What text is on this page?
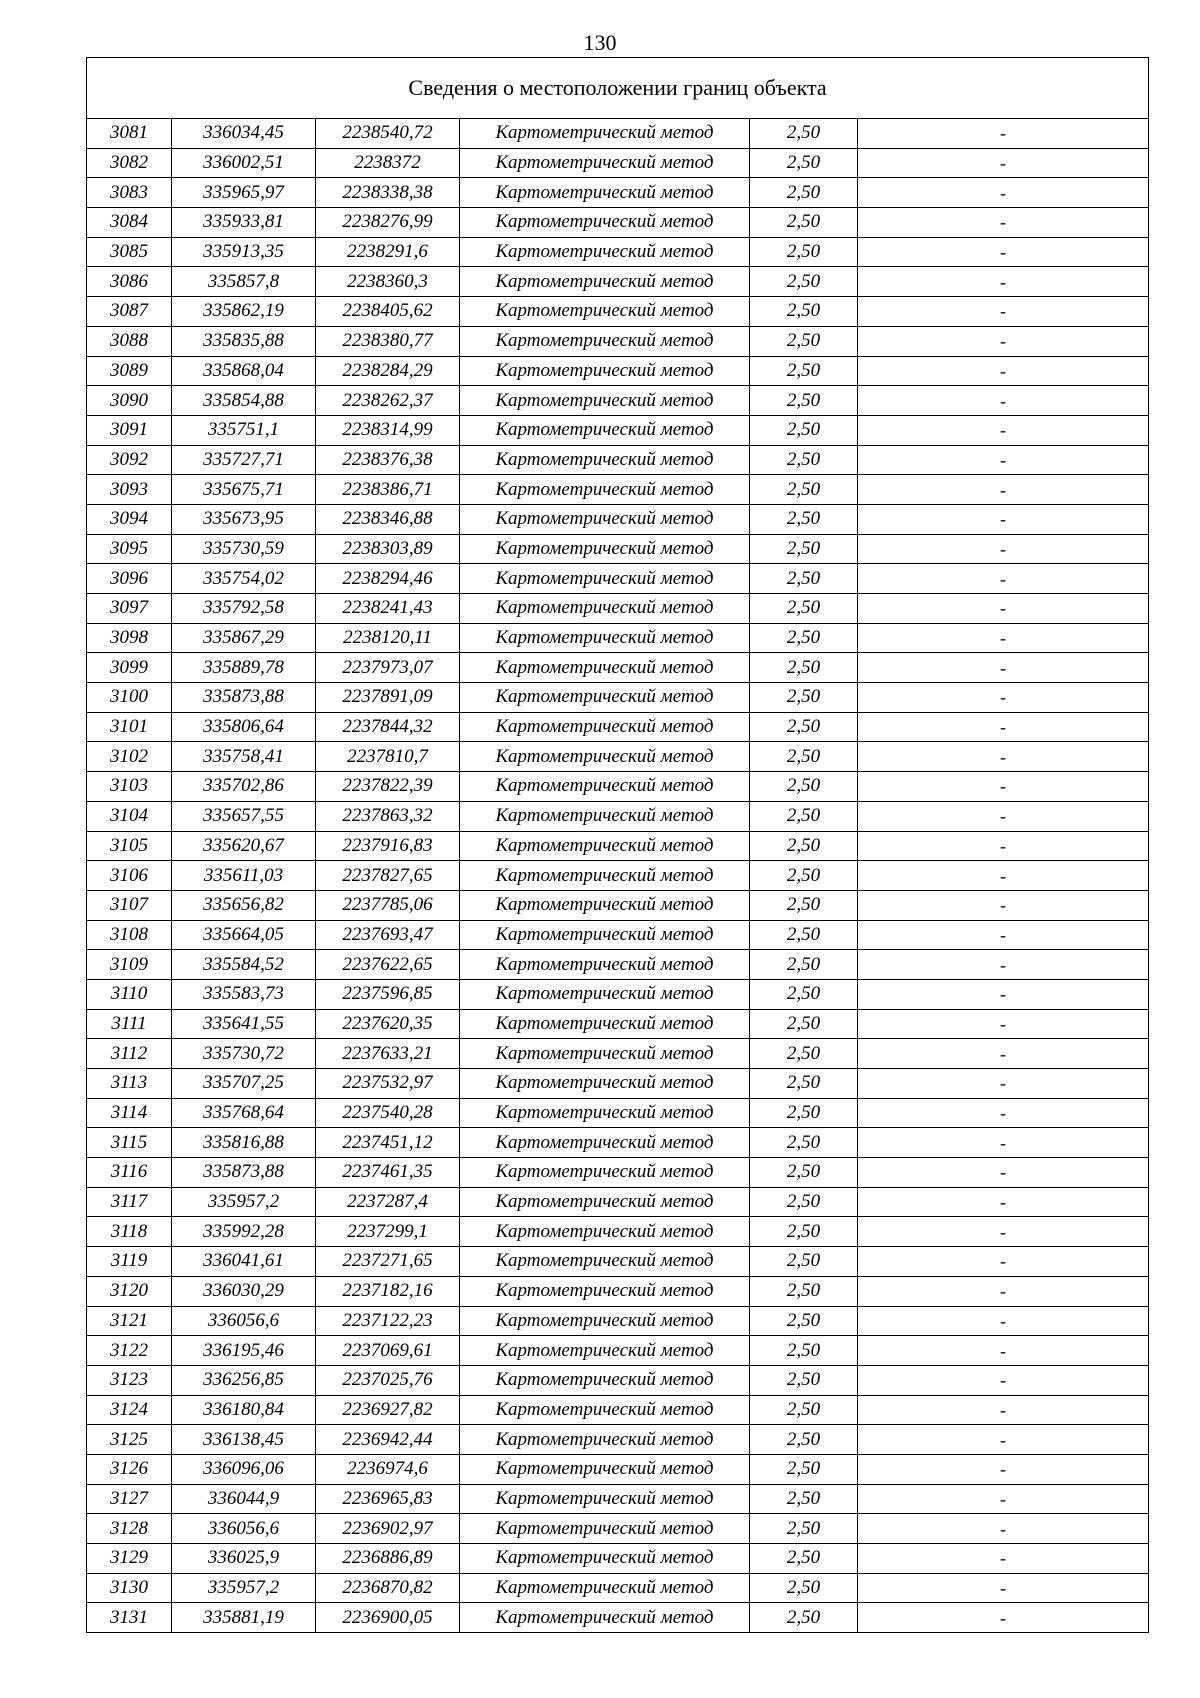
130
Сведения о местоположении границ объекта					
3081	336034,45	2238540,72	Картометрический метод	2,50	-
3082	336002,51	2238372	Картометрический метод	2,50	-
3083	335965,97	2238338,38	Картометрический метод	2,50	-
3084	335933,81	2238276,99	Картометрический метод	2,50	-
3085	335913,35	2238291,6	Картометрический метод	2,50	-
3086	335857,8	2238360,3	Картометрический метод	2,50	-
3087	335862,19	2238405,62	Картометрический метод	2,50	-
3088	335835,88	2238380,77	Картометрический метод	2,50	-
3089	335868,04	2238284,29	Картометрический метод	2,50	-
3090	335854,88	2238262,37	Картометрический метод	2,50	-
3091	335751,1	2238314,99	Картометрический метод	2,50	-
3092	335727,71	2238376,38	Картометрический метод	2,50	-
3093	335675,71	2238386,71	Картометрический метод	2,50	-
3094	335673,95	2238346,88	Картометрический метод	2,50	-
3095	335730,59	2238303,89	Картометрический метод	2,50	-
3096	335754,02	2238294,46	Картометрический метод	2,50	-
3097	335792,58	2238241,43	Картометрический метод	2,50	-
3098	335867,29	2238120,11	Картометрический метод	2,50	-
3099	335889,78	2237973,07	Картометрический метод	2,50	-
3100	335873,88	2237891,09	Картометрический метод	2,50	-
3101	335806,64	2237844,32	Картометрический метод	2,50	-
3102	335758,41	2237810,7	Картометрический метод	2,50	-
3103	335702,86	2237822,39	Картометрический метод	2,50	-
3104	335657,55	2237863,32	Картометрический метод	2,50	-
3105	335620,67	2237916,83	Картометрический метод	2,50	-
3106	335611,03	2237827,65	Картометрический метод	2,50	-
3107	335656,82	2237785,06	Картометрический метод	2,50	-
3108	335664,05	2237693,47	Картометрический метод	2,50	-
3109	335584,52	2237622,65	Картометрический метод	2,50	-
3110	335583,73	2237596,85	Картометрический метод	2,50	-
3111	335641,55	2237620,35	Картометрический метод	2,50	-
3112	335730,72	2237633,21	Картометрический метод	2,50	-
3113	335707,25	2237532,97	Картометрический метод	2,50	-
3114	335768,64	2237540,28	Картометрический метод	2,50	-
3115	335816,88	2237451,12	Картометрический метод	2,50	-
3116	335873,88	2237461,35	Картометрический метод	2,50	-
3117	335957,2	2237287,4	Картометрический метод	2,50	-
3118	335992,28	2237299,1	Картометрический метод	2,50	-
3119	336041,61	2237271,65	Картометрический метод	2,50	-
3120	336030,29	2237182,16	Картометрический метод	2,50	-
3121	336056,6	2237122,23	Картометрический метод	2,50	-
3122	336195,46	2237069,61	Картометрический метод	2,50	-
3123	336256,85	2237025,76	Картометрический метод	2,50	-
3124	336180,84	2236927,82	Картометрический метод	2,50	-
3125	336138,45	2236942,44	Картометрический метод	2,50	-
3126	336096,06	2236974,6	Картометрический метод	2,50	-
3127	336044,9	2236965,83	Картометрический метод	2,50	-
3128	336056,6	2236902,97	Картометрический метод	2,50	-
3129	336025,9	2236886,89	Картометрический метод	2,50	-
3130	335957,2	2236870,82	Картометрический метод	2,50	-
3131	335881,19	2236900,05	Картометрический метод	2,50	-
